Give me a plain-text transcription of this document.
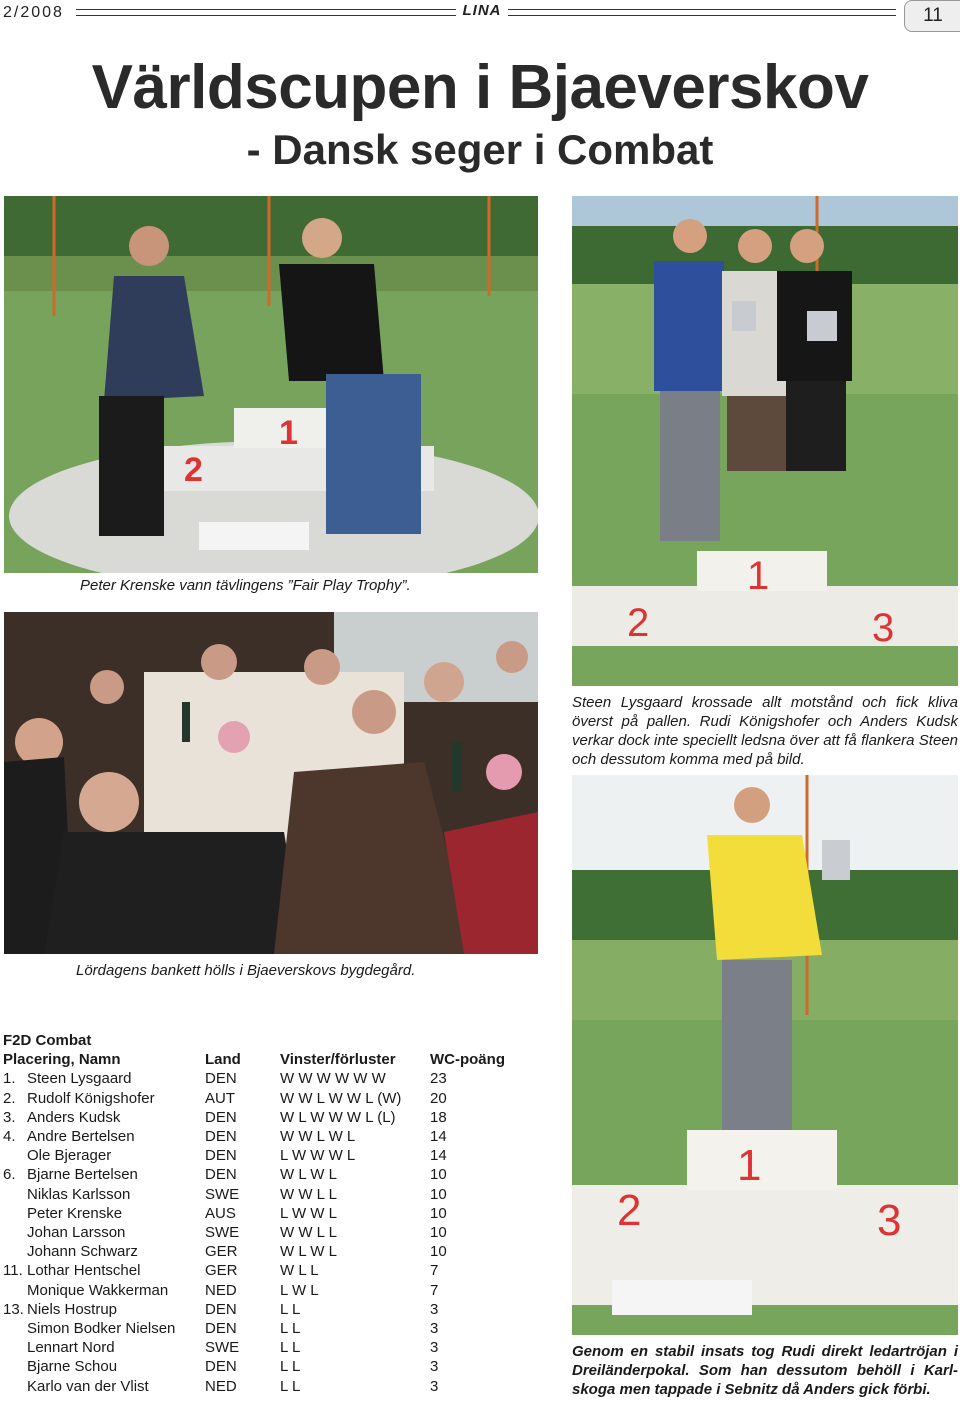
2/2008	LINA	11
Världscupen i Bjaeverskov
- Dansk seger i Combat
1
2
Peter Krenske vann tävlingens ”Fair Play Trophy”.	1
2	3
Steen Lysgaard krossade allt motstånd och fick kliva överst på pallen. Rudi Königshofer och Anders Kudsk verkar dock inte speciellt ledsna över att få flankera Steen och dessutom komma med på bild.
Lördagens bankett hölls i Bjaeverskovs bygdegård.
1
2	3
Genom en stabil insats tog Rudi direkt ledartröjan i Dreiländerpokal. Som han dessutom behöll i Karl-skoga men tappade i Sebnitz då Anders gick förbi.
F2D Combat
Placering, Namn		Land	Vinster/förluster	WC-poäng
1.	Steen Lysgaard	DEN	W W W W W W	23
2.	Rudolf Königshofer	AUT	W W L W W L (W)	20
3.	Anders Kudsk	DEN	W L W W W L (L)	18
4.	Andre Bertelsen	DEN	W W L W L	14
	Ole Bjerager	DEN	L W W W L	14
6.	Bjarne Bertelsen	DEN	W L W L	10
	Niklas Karlsson	SWE	W W L L	10
	Peter Krenske	AUS	L W W L	10
	Johan Larsson	SWE	W W L L	10
	Johann Schwarz	GER	W L W L	10
11.	Lothar Hentschel	GER	W L L	7
	Monique Wakkerman	NED	L W L	7
13.	Niels Hostrup	DEN	L L	3
	Simon Bodker Nielsen	DEN	L L	3
	Lennart Nord	SWE	L L	3
	Bjarne Schou	DEN	L L	3
	Karlo van der Vlist	NED	L L	3
